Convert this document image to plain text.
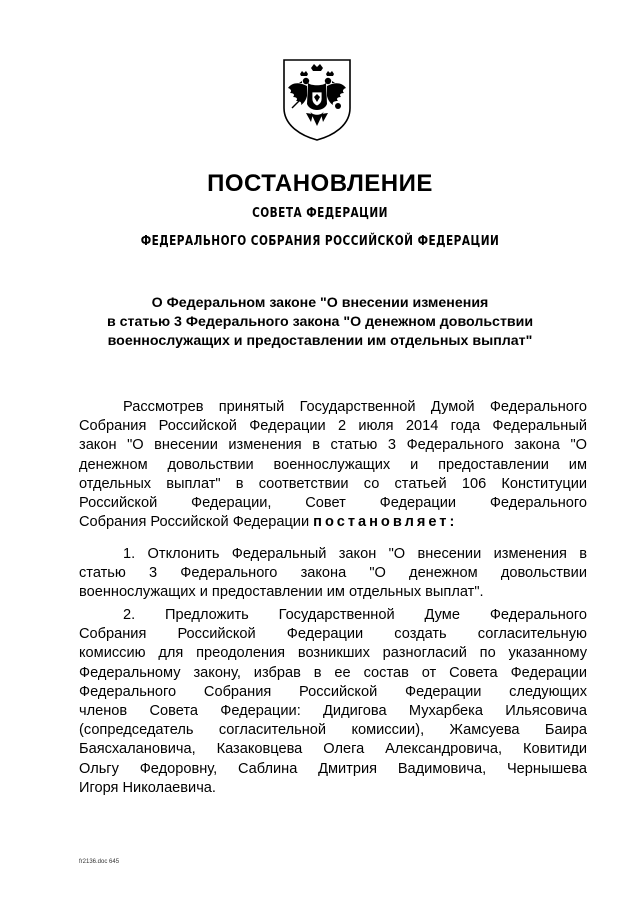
ПОСТАНОВЛЕНИЕ
СОВЕТА ФЕДЕРАЦИИ
ФЕДЕРАЛЬНОГО СОБРАНИЯ РОССИЙСКОЙ ФЕДЕРАЦИИ
О Федеральном законе "О внесении изменения
в статью 3 Федерального закона "О денежном довольствии
военнослужащих и предоставлении им отдельных выплат"
Рассмотрев принятый Государственной Думой Федерального
Собрания Российской Федерации 2 июля 2014 года Федеральный
закон "О внесении изменения в статью 3 Федерального закона "О
денежном довольствии военнослужащих и предоставлении им
отдельных выплат" в соответствии со статьей 106 Конституции
Российской Федерации, Совет Федерации Федерального
Собрания Российской Федерации постановляет:
1. Отклонить Федеральный закон "О внесении изменения в
статью 3 Федерального закона "О денежном довольствии
военнослужащих и предоставлении им отдельных выплат".
2. Предложить Государственной Думе Федерального
Собрания Российской Федерации создать согласительную
комиссию для преодоления возникших разногласий по указанному
Федеральному закону, избрав в ее состав от Совета Федерации
Федерального Собрания Российской Федерации следующих
членов Совета Федерации: Дидигова Мухарбека Ильясовича
(сопредседатель согласительной комиссии), Жамсуева Баира
Баясхалановича, Казаковцева Олега Александровича, Ковитиди
Ольгу Федоровну, Саблина Дмитрия Вадимовича, Чернышева
Игоря Николаевича.
fr2136.doc 645
